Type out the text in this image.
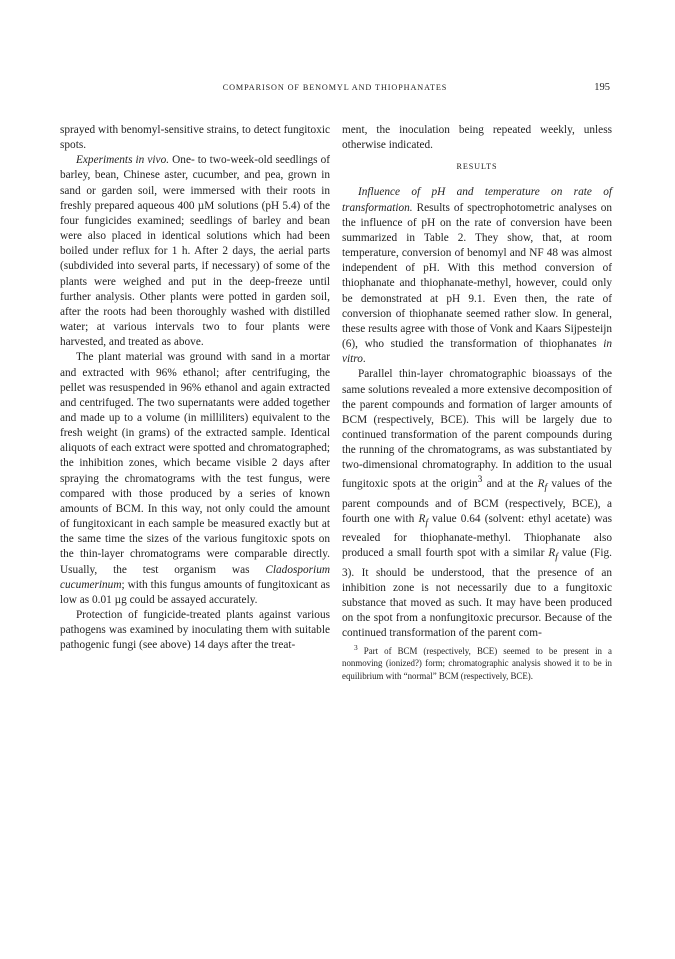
COMPARISON OF BENOMYL AND THIOPHANATES	195

sprayed with benomyl-sensitive strains, to detect fungitoxic spots.

Experiments in vivo. One- to two-week-old seedlings of barley, bean, Chinese aster, cucumber, and pea, grown in sand or garden soil, were immersed with their roots in freshly prepared aqueous 400 µM solutions (pH 5.4) of the four fungicides examined; seedlings of barley and bean were also placed in identical solutions which had been boiled under reflux for 1 h. After 2 days, the aerial parts (subdivided into several parts, if necessary) of some of the plants were weighed and put in the deep-freeze until further analysis. Other plants were potted in garden soil, after the roots had been thoroughly washed with distilled water; at various intervals two to four plants were harvested, and treated as above.

The plant material was ground with sand in a mortar and extracted with 96% ethanol; after centrifuging, the pellet was resuspended in 96% ethanol and again extracted and centrifuged. The two supernatants were added together and made up to a volume (in milliliters) equivalent to the fresh weight (in grams) of the extracted sample. Identical aliquots of each extract were spotted and chromatographed; the inhibition zones, which became visible 2 days after spraying the chromatograms with the test fungus, were compared with those produced by a series of known amounts of BCM. In this way, not only could the amount of fungitoxicant in each sample be measured exactly but at the same time the sizes of the various fungitoxic spots on the thin-layer chromatograms were comparable directly. Usually, the test organism was Cladosporium cucumerinum; with this fungus amounts of fungitoxicant as low as 0.01 µg could be assayed accurately.

Protection of fungicide-treated plants against various pathogens was examined by inoculating them with suitable pathogenic fungi (see above) 14 days after the treat-

ment, the inoculation being repeated weekly, unless otherwise indicated.

RESULTS

Influence of pH and temperature on rate of transformation. Results of spectrophotometric analyses on the influence of pH on the rate of conversion have been summarized in Table 2. They show, that, at room temperature, conversion of benomyl and NF 48 was almost independent of pH. With this method conversion of thiophanate and thiophanate-methyl, however, could only be demonstrated at pH 9.1. Even then, the rate of conversion of thiophanate seemed rather slow. In general, these results agree with those of Vonk and Kaars Sijpesteijn (6), who studied the transformation of thiophanates in vitro.

Parallel thin-layer chromatographic bioassays of the same solutions revealed a more extensive decomposition of the parent compounds and formation of larger amounts of BCM (respectively, BCE). This will be largely due to continued transformation of the parent compounds during the running of the chromatograms, as was substantiated by two-dimensional chromatography. In addition to the usual fungitoxic spots at the origin$^3$ and at the $R_f$ values of the parent compounds and of BCM (respectively, BCE), a fourth one with $R_f$ value 0.64 (solvent: ethyl acetate) was revealed for thiophanate-methyl. Thiophanate also produced a small fourth spot with a similar $R_f$ value (Fig. 3). It should be understood, that the presence of an inhibition zone is not necessarily due to a fungitoxic substance that moved as such. It may have been produced on the spot from a nonfungitoxic precursor. Because of the continued transformation of the parent com-

$^3$ Part of BCM (respectively, BCE) seemed to be present in a nonmoving (ionized?) form; chromatographic analysis showed it to be in equilibrium with “normal” BCM (respectively, BCE).
